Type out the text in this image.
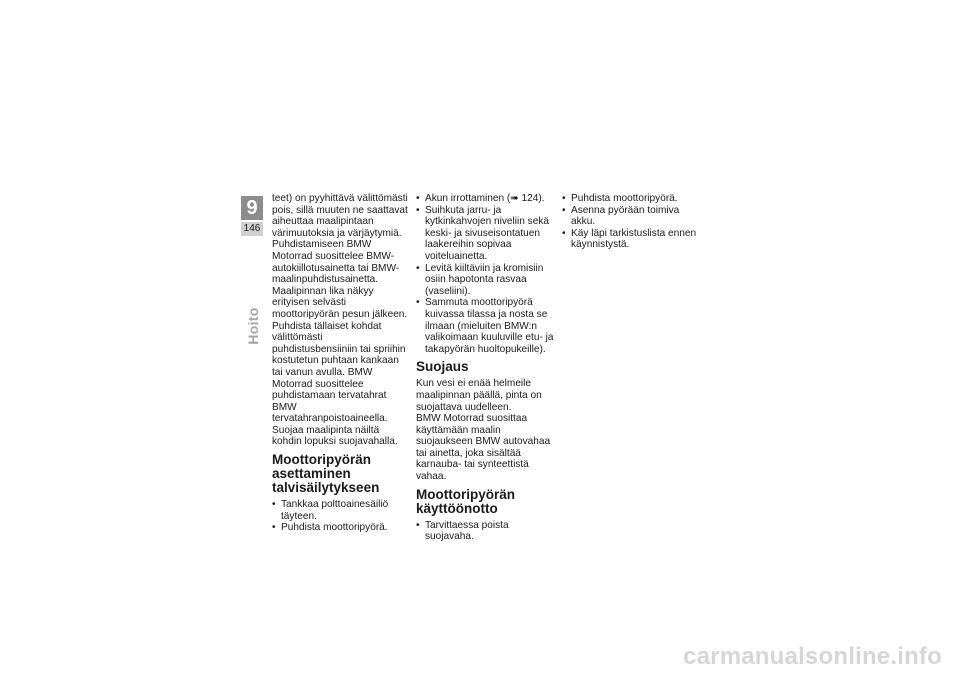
9
146
Hoito

teet) on pyyhittävä välittömästi pois, sillä muuten ne saattavat aiheuttaa maalipintaan värimuutoksia ja värjäytymiä. Puhdistamiseen BMW Motorrad suosittelee BMW-autokiillotusainetta tai BMW-maalinpuhdistusainetta.

Maalipinnan lika näkyy erityisen selvästi moottoripyörän pesun jälkeen. Puhdista tällaiset kohdat välittömästi puhdistusbensiiniin tai spriihin kostutetun puhtaan kankaan tai vanun avulla. BMW Motorrad suosittelee puhdistamaan tervatahrat BMW tervatahranpoistoaineella. Suojaa maalipinta näiltä kohdin lopuksi suojavahalla.

Moottoripyörän asettaminen talvisäilytykseen
• Tankkaa polttoainesäiliö täyteen.
• Puhdista moottoripyörä.
• Akun irrottaminen (➠ 124).
• Suihkuta jarru- ja kytkinkahvojen niveliin sekä keski- ja sivuseisontatuen laakereihin sopivaa voiteluainetta.
• Levitä kiiltäviin ja kromisiin osiin hapotonta rasvaa (vaseliini).
• Sammuta moottoripyörä kuivassa tilassa ja nosta se ilmaan (mieluiten BMW:n valikoimaan kuuluville etu- ja takapyörän huoltopukeille).
Suojaus

Kun vesi ei enää helmeile maalipinnan päällä, pinta on suojattava uudelleen.

BMW Motorrad suosittaa käyttämään maalin suojaukseen BMW autovahaa tai ainetta, joka sisältää karnauba- tai synteettistä vahaa.

Moottoripyörän käyttöönotto
• Tarvittaessa poista suojavaha.
• Puhdista moottoripyörä.
• Asenna pyörään toimiva akku.
• Käy läpi tarkistuslista ennen käynnistystä.
carmanualsonline.info
